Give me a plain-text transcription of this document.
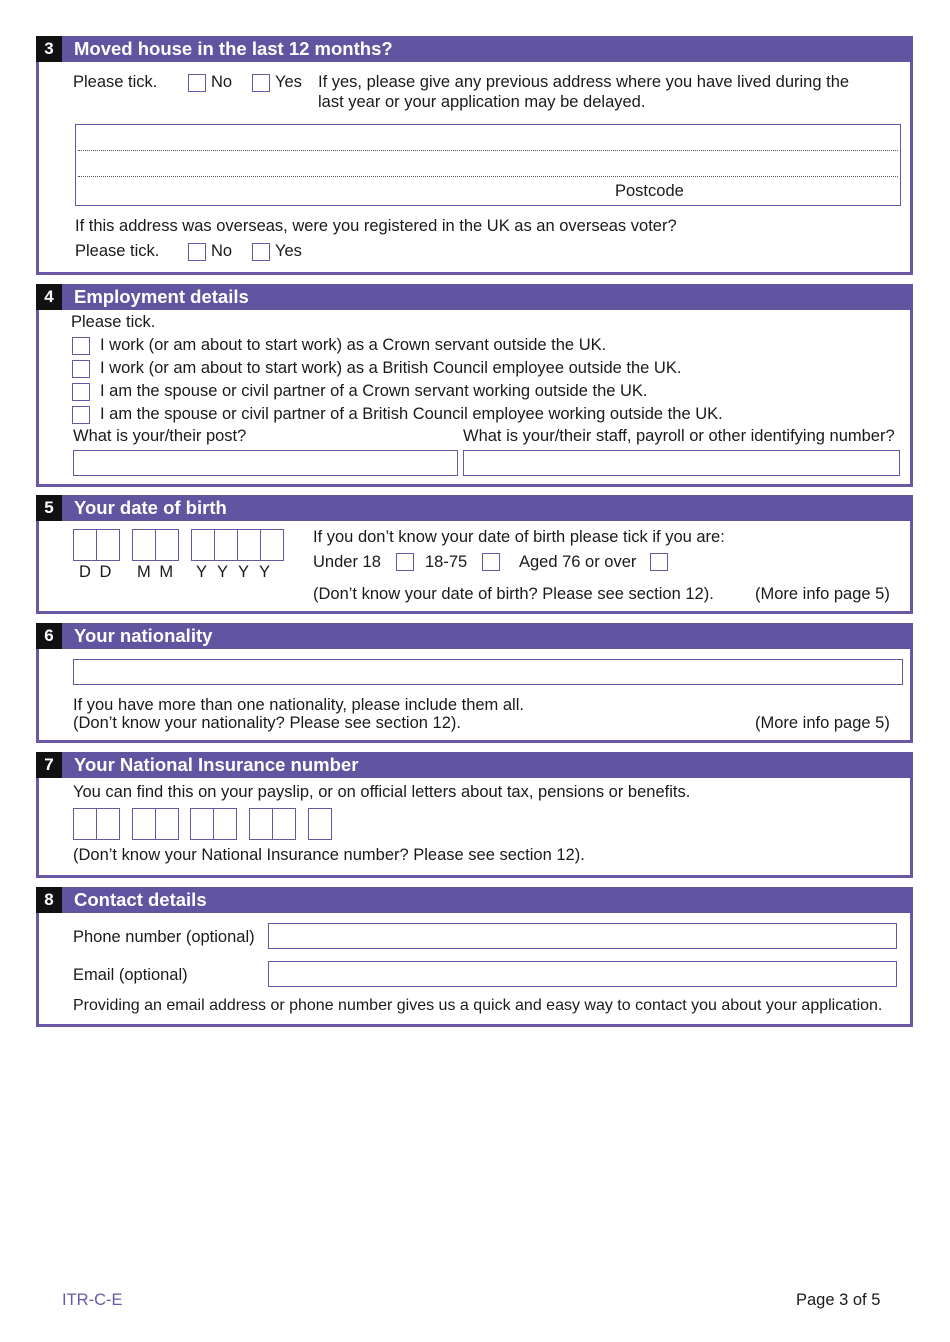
3	Moved house in the last 12 months?
Please tick.	No	Yes If yes, please give any previous address where you have lived during the
last year or your application may be delayed.
Postcode
If this address was overseas, were you registered in the UK as an overseas voter?
Please tick.	No	Yes
4	Employment details
Please tick.
I work (or am about to start work) as a Crown servant outside the UK.
I work (or am about to start work) as a British Council employee outside the UK.
I am the spouse or civil partner of a Crown servant working outside the UK.
I am the spouse or civil partner of a British Council employee working outside the UK.
What is your/their post?	What is your/their staff, payroll or other identifying number?
5	Your date of birth
D D M M Y Y Y Y
If you don’t know your date of birth please tick if you are:
Under 18	18-75	Aged 76 or over
(Don’t know your date of birth? Please see section 12). (More info page 5)
6	Your nationality
If you have more than one nationality, please include them all.
(Don’t know your nationality? Please see section 12).	(More info page 5)
7	Your National Insurance number
You can find this on your payslip, or on official letters about tax, pensions or benefits.
(Don’t know your National Insurance number? Please see section 12).
8	Contact details
Phone number (optional)
Email (optional)
Providing an email address or phone number gives us a quick and easy way to contact you about your application.
ITR-C-E	Page 3 of 5
